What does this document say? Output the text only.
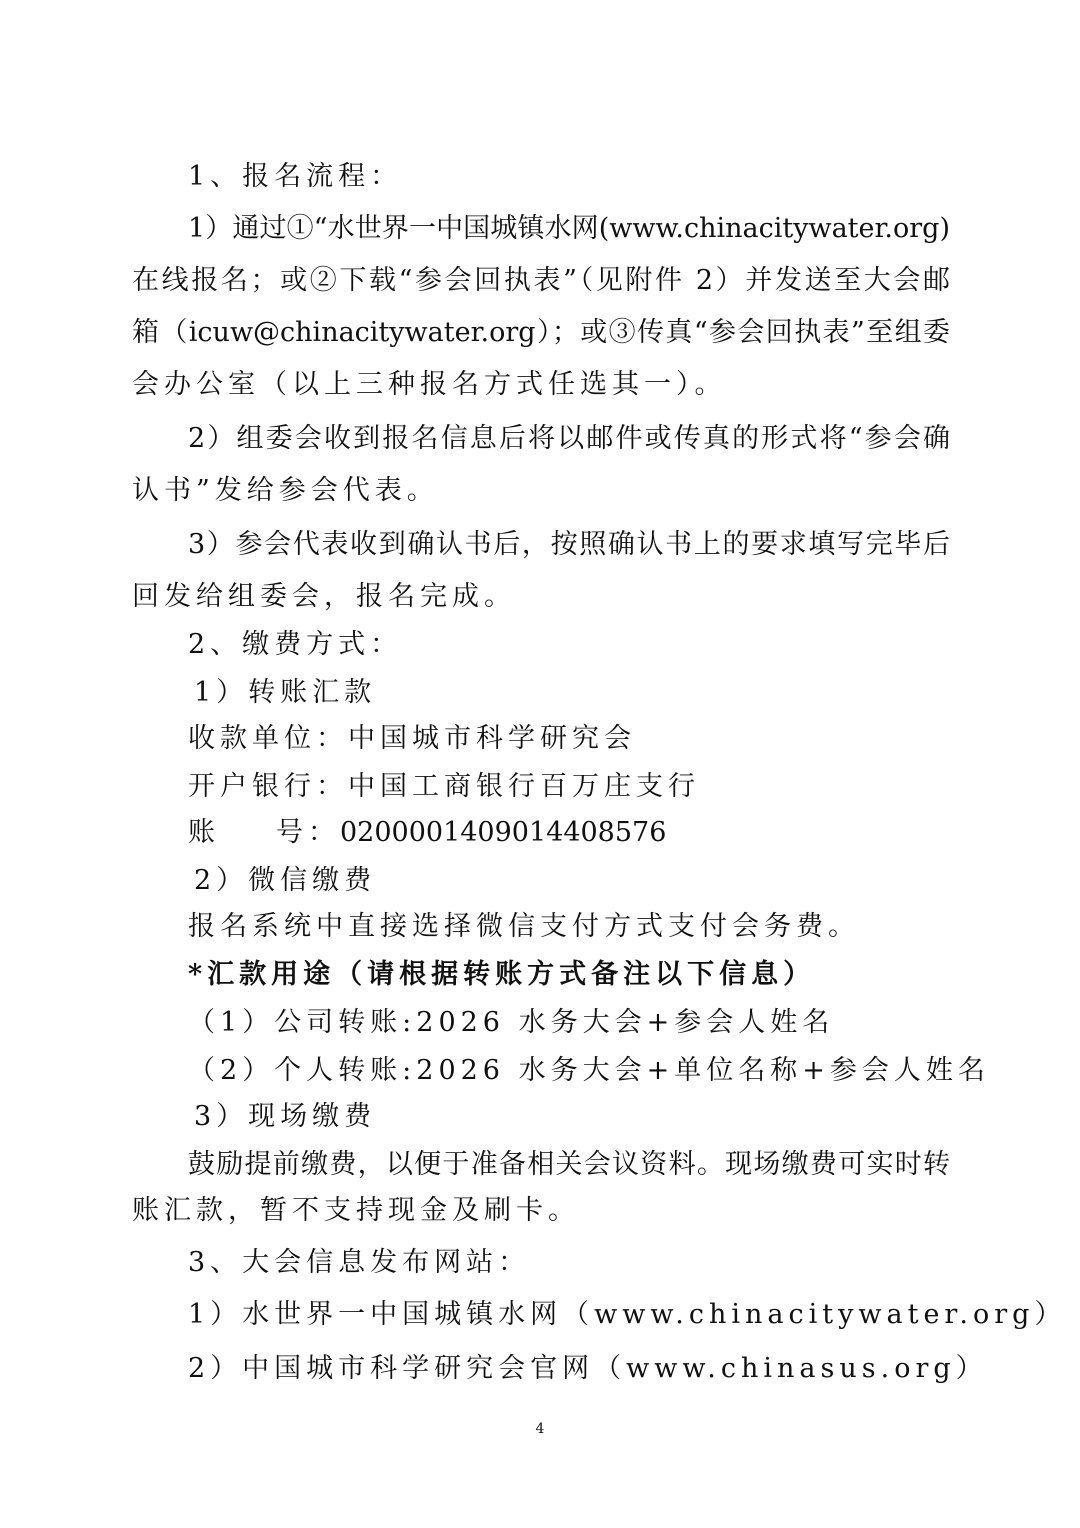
1、报名流程：
1）通过①“水世界一中国城镇水网(www.chinacitywater.org)
在线报名；或②下载“参会回执表”（见附件 2）并发送至大会邮
箱（icuw@chinacitywater.org）；或③传真“参会回执表”至组委
会办公室（以上三种报名方式任选其一）。
2）组委会收到报名信息后将以邮件或传真的形式将“参会确
认书”发给参会代表。
3）参会代表收到确认书后，按照确认书上的要求填写完毕后
回发给组委会，报名完成。
2、缴费方式：
1）转账汇款
收款单位：中国城市科学研究会
开户银行：中国工商银行百万庄支行
账 号：0200001409014408576
2）微信缴费
报名系统中直接选择微信支付方式支付会务费。
*汇款用途（请根据转账方式备注以下信息）
（1）公司转账:2026 水务大会+参会人姓名
（2）个人转账:2026 水务大会+单位名称+参会人姓名
3）现场缴费
鼓励提前缴费，以便于准备相关会议资料。现场缴费可实时转
账汇款，暂不支持现金及刷卡。
3、大会信息发布网站：
1）水世界一中国城镇水网（www.chinacitywater.org）
2）中国城市科学研究会官网（www.chinasus.org）
4
